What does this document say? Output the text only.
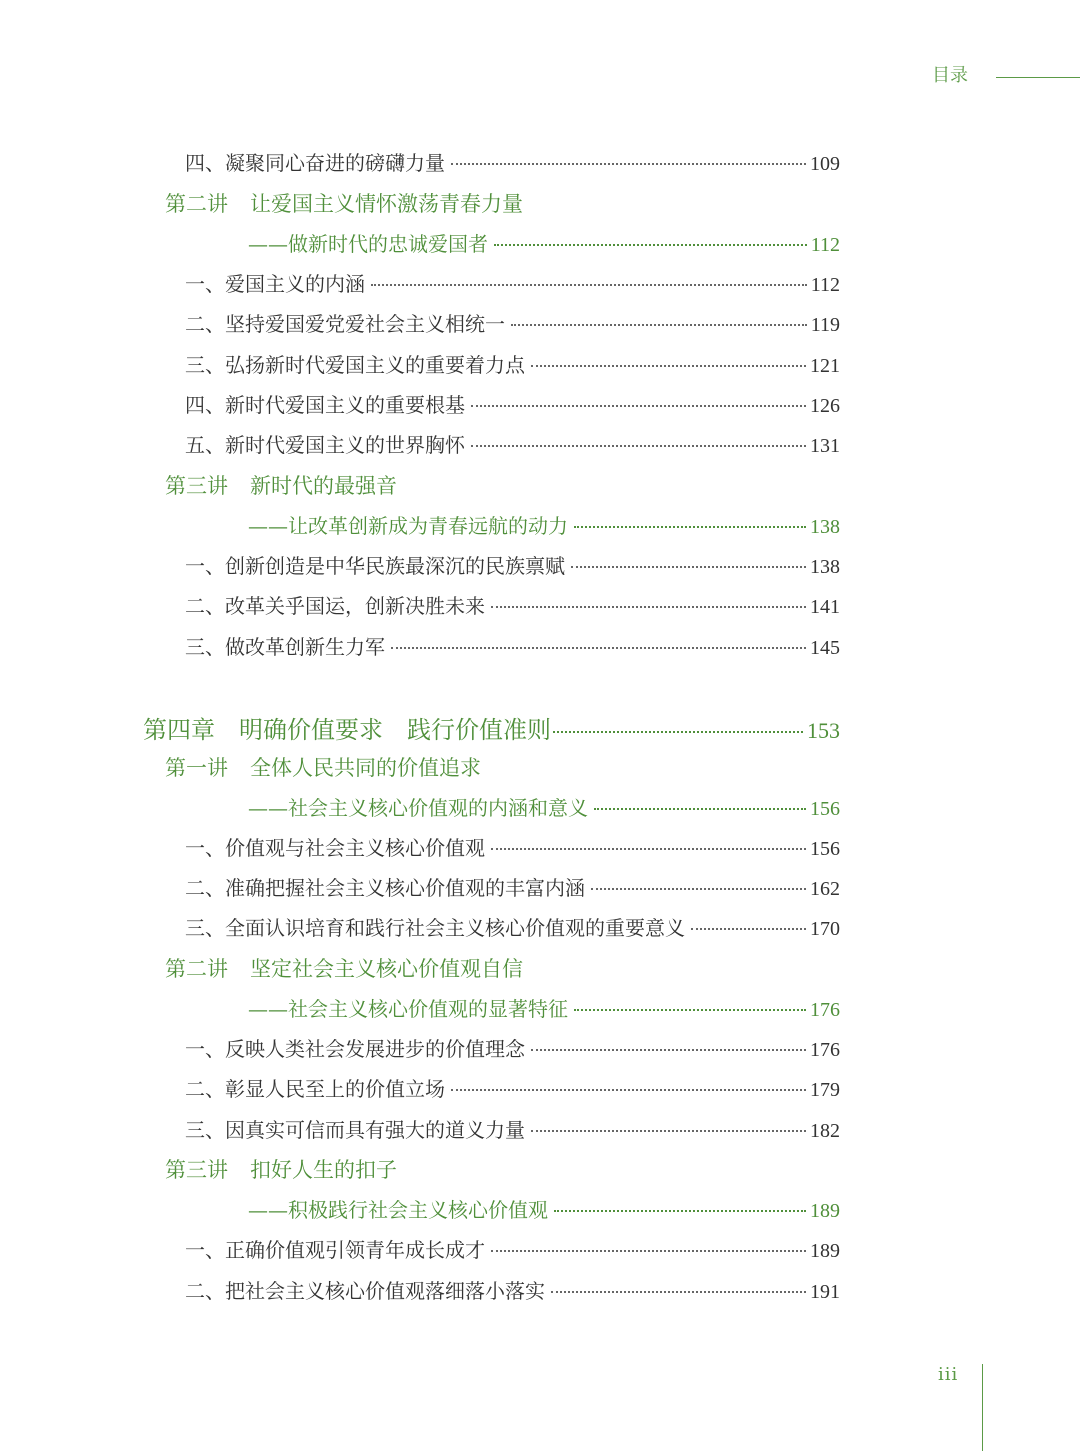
目录
四、凝聚同心奋进的磅礴力量	109
第二讲 让爱国主义情怀激荡青春力量
——做新时代的忠诚爱国者	112
一、爱国主义的内涵	112
二、坚持爱国爱党爱社会主义相统一	119
三、弘扬新时代爱国主义的重要着力点	121
四、新时代爱国主义的重要根基	126
五、新时代爱国主义的世界胸怀	131
第三讲 新时代的最强音
——让改革创新成为青春远航的动力	138
一、创新创造是中华民族最深沉的民族禀赋	138
二、改革关乎国运，创新决胜未来	141
三、做改革创新生力军	145
第四章　明确价值要求　践行价值准则	153
第一讲 全体人民共同的价值追求
——社会主义核心价值观的内涵和意义	156
一、价值观与社会主义核心价值观	156
二、准确把握社会主义核心价值观的丰富内涵	162
三、全面认识培育和践行社会主义核心价值观的重要意义	170
第二讲 坚定社会主义核心价值观自信
——社会主义核心价值观的显著特征	176
一、反映人类社会发展进步的价值理念	176
二、彰显人民至上的价值立场	179
三、因真实可信而具有强大的道义力量	182
第三讲 扣好人生的扣子
——积极践行社会主义核心价值观	189
一、正确价值观引领青年成长成才	189
二、把社会主义核心价值观落细落小落实	191
iii
